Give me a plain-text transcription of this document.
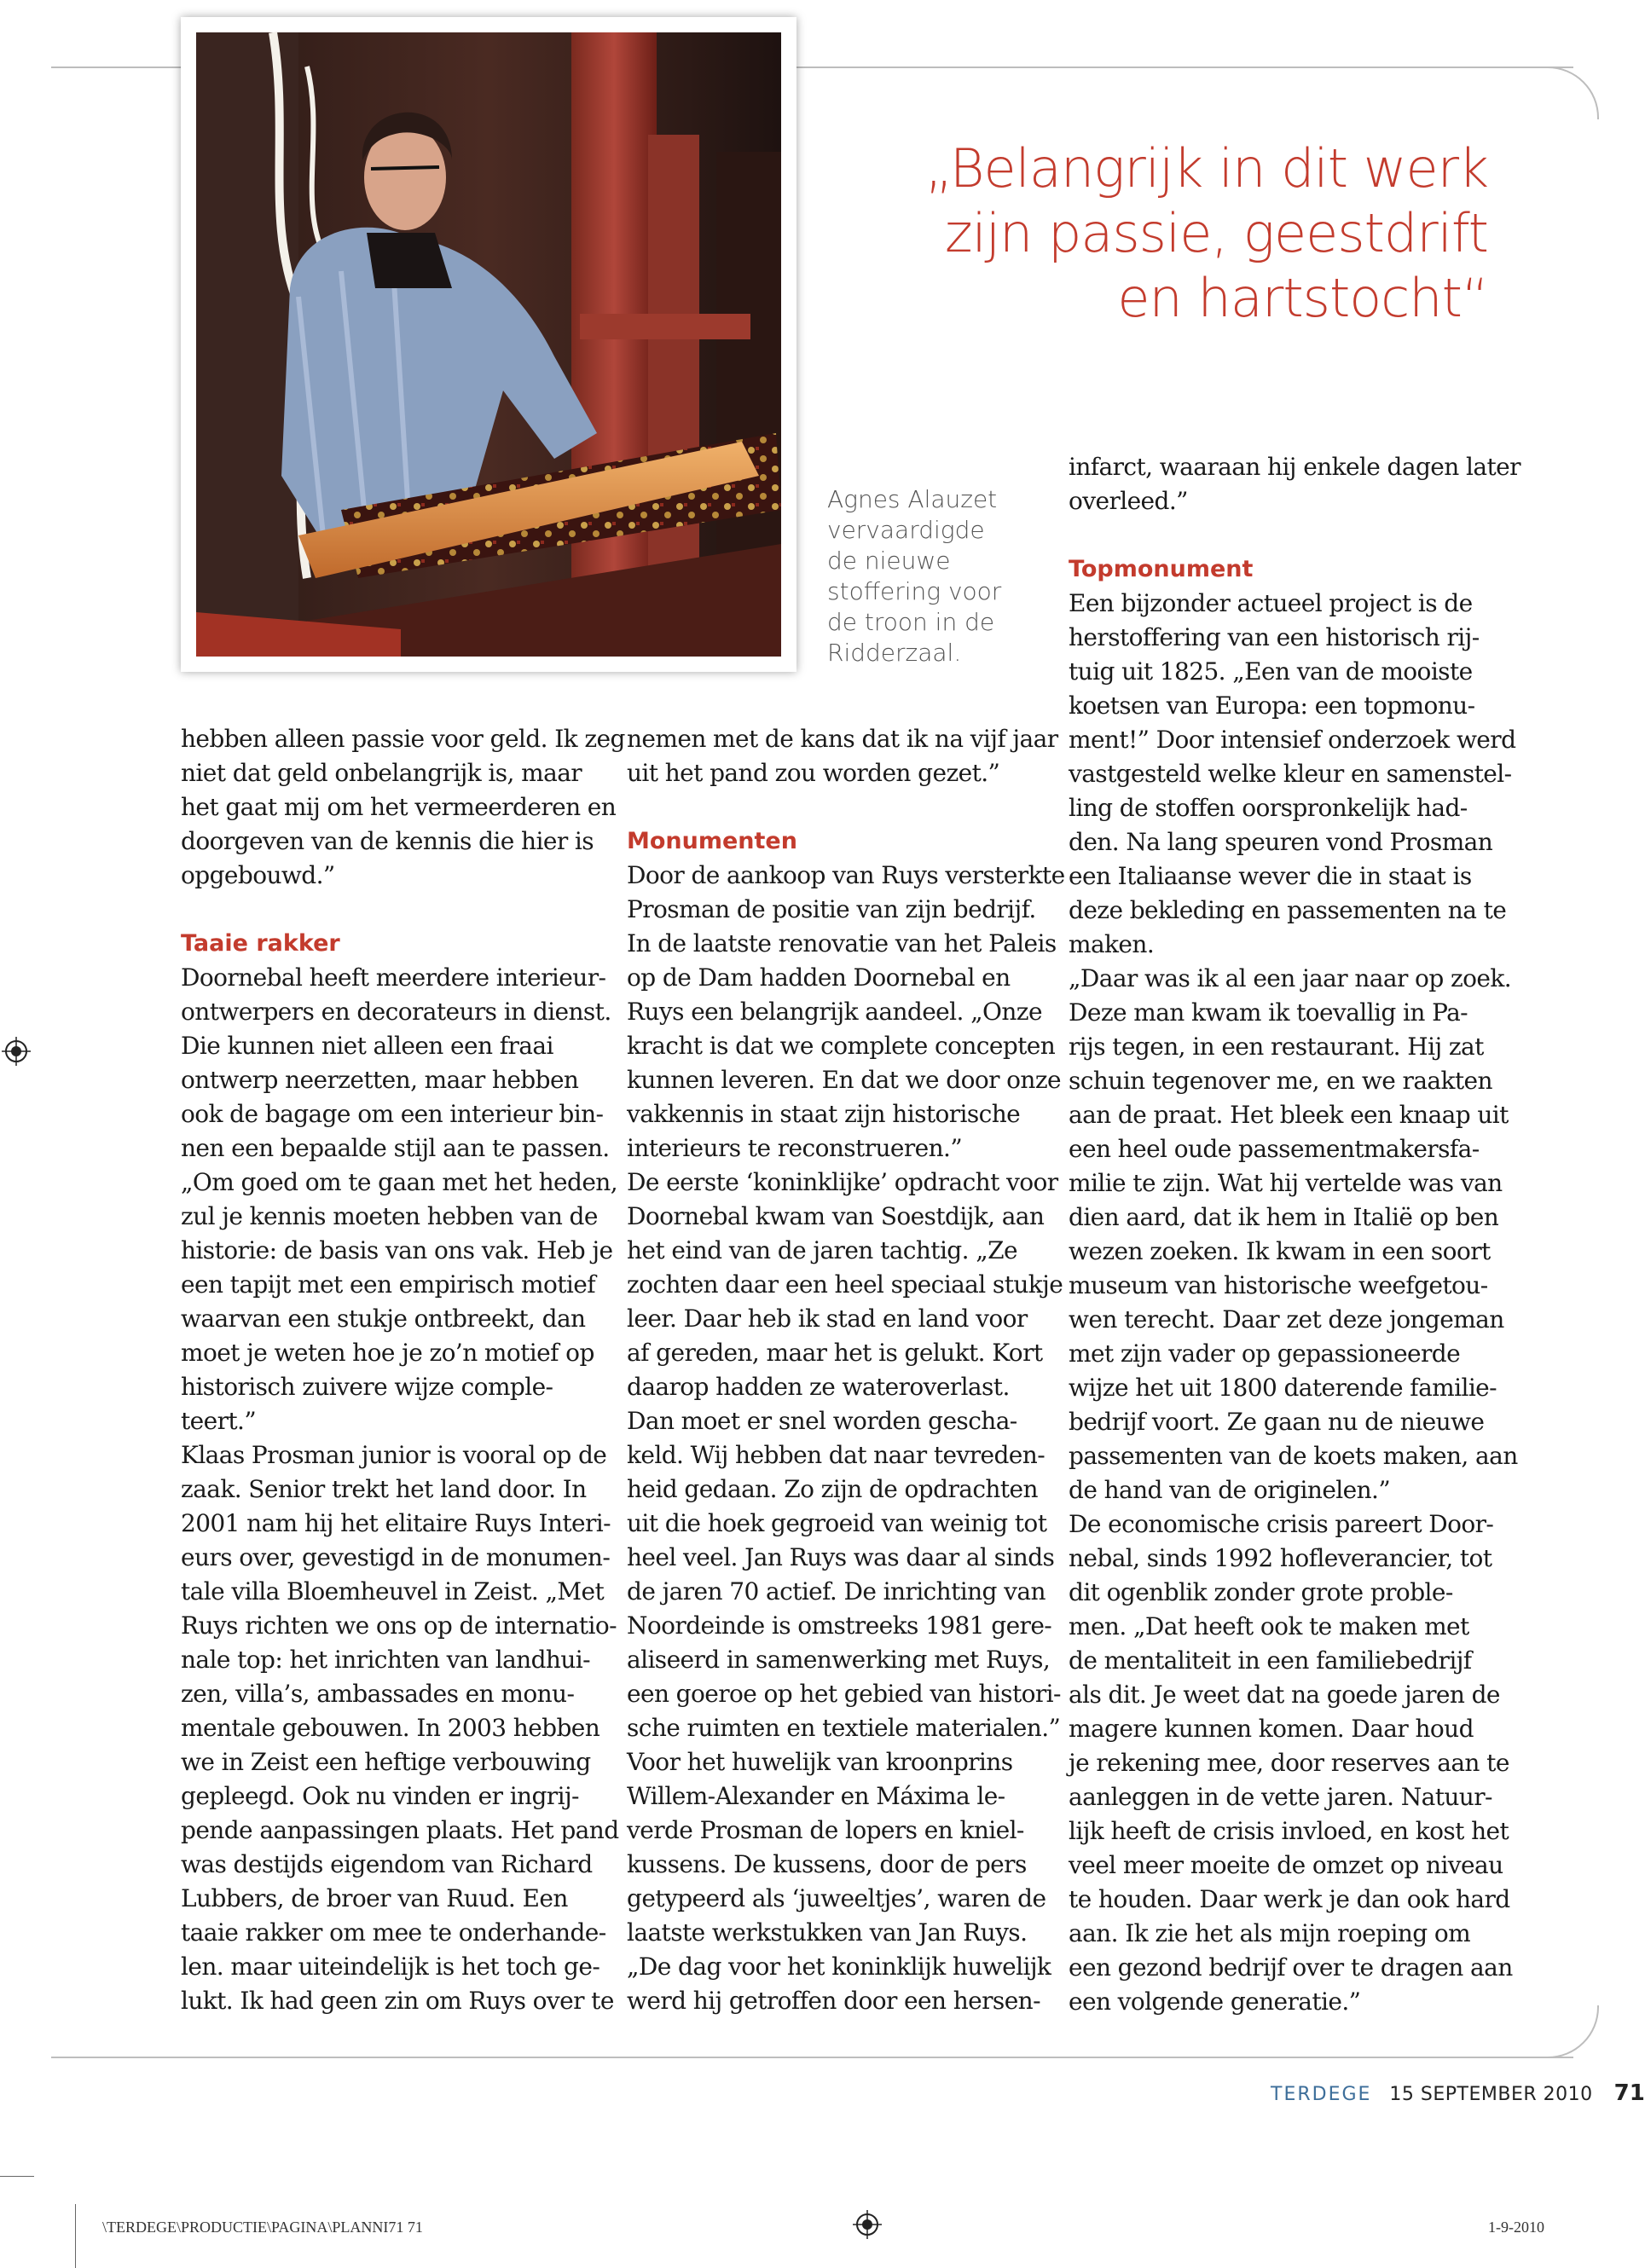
„Belangrijk in dit werk
zijn passie, geestdrift
en hartstocht“
Agnes Alauzet
vervaardigde
de nieuwe
stoffering voor
de troon in de
Ridderzaal.
hebben alleen passie voor geld. Ik zeg
niet dat geld onbelangrijk is, maar
het gaat mij om het vermeerderen en
doorgeven van de kennis die hier is
opgebouwd.”
Taaie rakker
Doornebal heeft meerdere interieur-
ontwerpers en decorateurs in dienst.
Die kunnen niet alleen een fraai
ontwerp neerzetten, maar hebben
ook de bagage om een interieur bin-
nen een bepaalde stijl aan te passen.
„Om goed om te gaan met het heden,
zul je kennis moeten hebben van de
historie: de basis van ons vak. Heb je
een tapijt met een empirisch motief
waarvan een stukje ontbreekt, dan
moet je weten hoe je zo’n motief op
historisch zuivere wijze comple-
teert.”
Klaas Prosman junior is vooral op de
zaak. Senior trekt het land door. In
2001 nam hij het elitaire Ruys Interi-
eurs over, gevestigd in de monumen-
tale villa Bloemheuvel in Zeist. „Met
Ruys richten we ons op de internatio-
nale top: het inrichten van landhui-
zen, villa’s, ambassades en monu-
mentale gebouwen. In 2003 hebben
we in Zeist een heftige verbouwing
gepleegd. Ook nu vinden er ingrij-
pende aanpassingen plaats. Het pand
was destijds eigendom van Richard
Lubbers, de broer van Ruud. Een
taaie rakker om mee te onderhande-
len. maar uiteindelijk is het toch ge-
lukt. Ik had geen zin om Ruys over te
nemen met de kans dat ik na vijf jaar
uit het pand zou worden gezet.”
Monumenten
Door de aankoop van Ruys versterkte
Prosman de positie van zijn bedrijf.
In de laatste renovatie van het Paleis
op de Dam hadden Doornebal en
Ruys een belangrijk aandeel. „Onze
kracht is dat we complete concepten
kunnen leveren. En dat we door onze
vakkennis in staat zijn historische
interieurs te reconstrueren.”
De eerste ‘koninklijke’ opdracht voor
Doornebal kwam van Soestdijk, aan
het eind van de jaren tachtig. „Ze
zochten daar een heel speciaal stukje
leer. Daar heb ik stad en land voor
af gereden, maar het is gelukt. Kort
daarop hadden ze wateroverlast.
Dan moet er snel worden gescha-
keld. Wij hebben dat naar tevreden-
heid gedaan. Zo zijn de opdrachten
uit die hoek gegroeid van weinig tot
heel veel. Jan Ruys was daar al sinds
de jaren 70 actief. De inrichting van
Noordeinde is omstreeks 1981 gere-
aliseerd in samenwerking met Ruys,
een goeroe op het gebied van histori-
sche ruimten en textiele materialen.”
Voor het huwelijk van kroonprins
Willem-Alexander en Máxima le-
verde Prosman de lopers en kniel-
kussens. De kussens, door de pers
getypeerd als ‘juweeltjes’, waren de
laatste werkstukken van Jan Ruys.
„De dag voor het koninklijk huwelijk
werd hij getroffen door een hersen-
infarct, waaraan hij enkele dagen later
overleed.”
Topmonument
Een bijzonder actueel project is de
herstoffering van een historisch rij-
tuig uit 1825. „Een van de mooiste
koetsen van Europa: een topmonu-
ment!” Door intensief onderzoek werd
vastgesteld welke kleur en samenstel-
ling de stoffen oorspronkelijk had-
den. Na lang speuren vond Prosman
een Italiaanse wever die in staat is
deze bekleding en passementen na te
maken.
„Daar was ik al een jaar naar op zoek.
Deze man kwam ik toevallig in Pa-
rijs tegen, in een restaurant. Hij zat
schuin tegenover me, en we raakten
aan de praat. Het bleek een knaap uit
een heel oude passementmakersfa-
milie te zijn. Wat hij vertelde was van
dien aard, dat ik hem in Italië op ben
wezen zoeken. Ik kwam in een soort
museum van historische weefgetou-
wen terecht. Daar zet deze jongeman
met zijn vader op gepassioneerde
wijze het uit 1800 daterende familie-
bedrijf voort. Ze gaan nu de nieuwe
passementen van de koets maken, aan
de hand van de originelen.”
De economische crisis pareert Door-
nebal, sinds 1992 hofleverancier, tot
dit ogenblik zonder grote proble-
men. „Dat heeft ook te maken met
de mentaliteit in een familiebedrijf
als dit. Je weet dat na goede jaren de
magere kunnen komen. Daar houd
je rekening mee, door reserves aan te
aanleggen in de vette jaren. Natuur-
lijk heeft de crisis invloed, en kost het
veel meer moeite de omzet op niveau
te houden. Daar werk je dan ook hard
aan. Ik zie het als mijn roeping om
een gezond bedrijf over te dragen aan
een volgende generatie.”
TERDEGE 15 SEPTEMBER 2010 71
\TERDEGE\PRODUCTIE\PAGINA\PLANNI71 71	1-9-2010
